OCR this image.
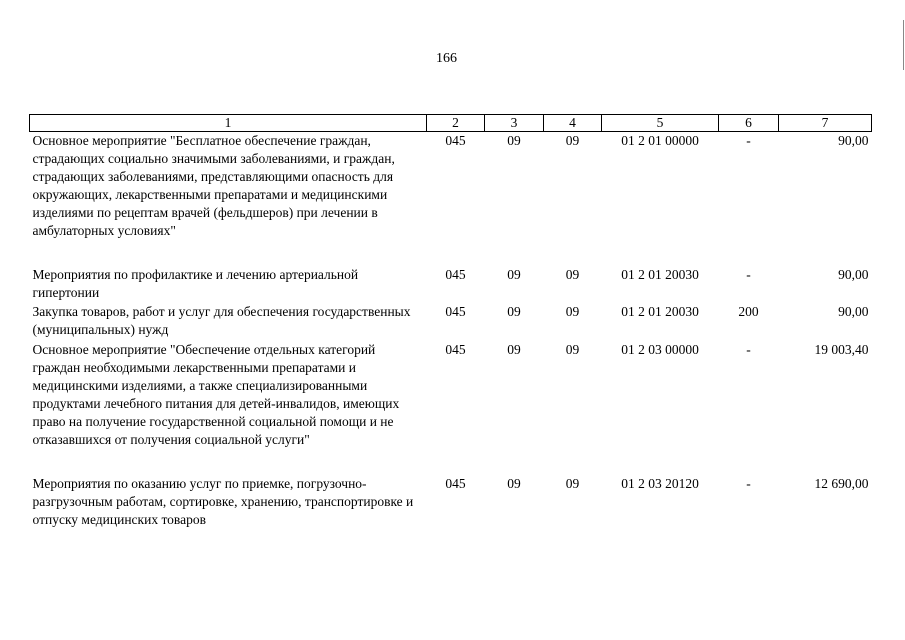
166
1	2	3	4	5	6	7
Основное мероприятие "Бесплатное обеспечение граждан, страдающих социально значимыми заболеваниями, и граждан, страдающих заболеваниями, представляющими опасность для окружающих, лекарственными препаратами и медицинскими изделиями по рецептам врачей (фельдшеров) при лечении в амбулаторных условиях"	045	09	09	01 2 01 00000	-	90,00
Мероприятия по профилактике и лечению артериальной гипертонии	045	09	09	01 2 01 20030	-	90,00
Закупка товаров, работ и услуг для обеспечения государственных (муниципальных) нужд	045	09	09	01 2 01 20030	200	90,00
Основное мероприятие "Обеспечение отдельных категорий граждан необходимыми лекарственными препаратами и медицинскими изделиями, а также специализированными продуктами лечебного питания для детей-инвалидов, имеющих право на получение государственной социальной помощи и не отказавшихся от получения социальной услуги"	045	09	09	01 2 03 00000	-	19 003,40
Мероприятия по оказанию услуг по приемке, погрузочно-разгрузочным работам, сортировке, хранению, транспортировке и отпуску медицинских товаров	045	09	09	01 2 03 20120	-	12 690,00
